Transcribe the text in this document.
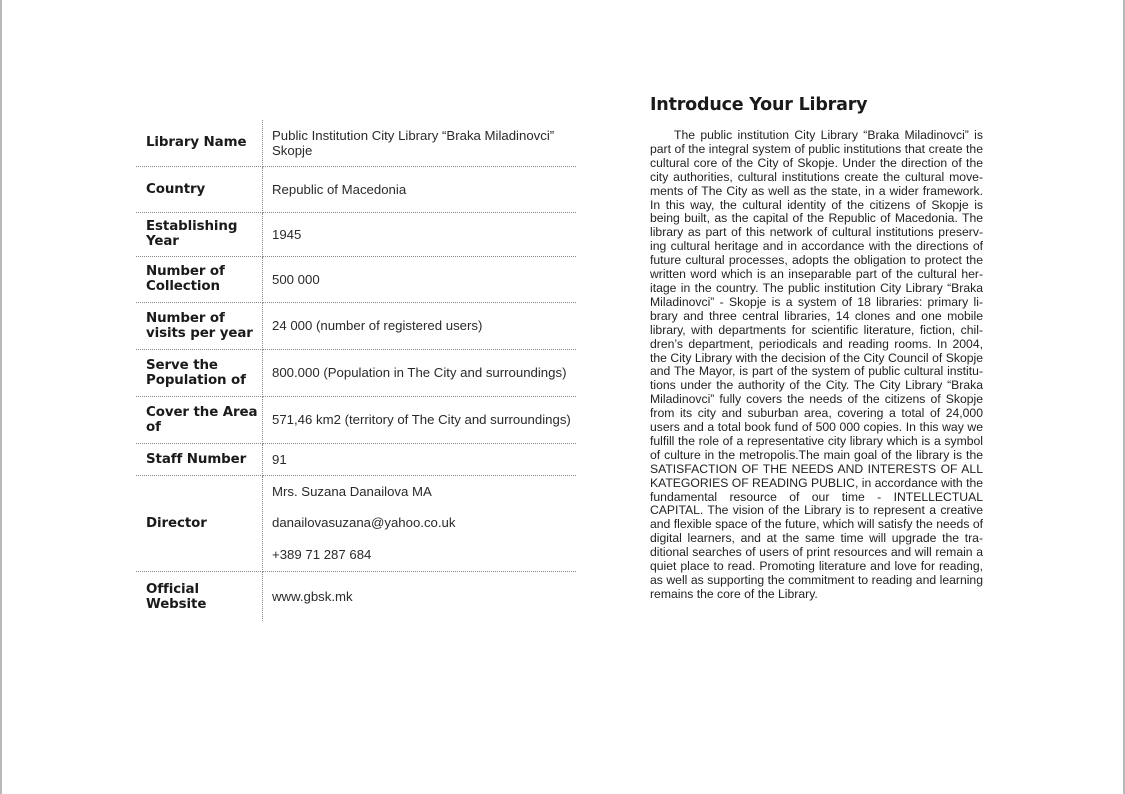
Library Name	Public Institution City Library “Braka Miladinovci” Skopje

Country	Republic of Macedonia
Establishing Year	1945
Number of Collection	500 000
Number of visits per year	24 000 (number of registered users)
Serve the Population of	800.000 (Population in The City and surroundings)
Cover the Area of	571,46 km2 (territory of The City and surroundings)
Staff Number	91
Director	Mrs. Suzana Danailova MA
danailovasuzana@yahoo.co.uk
+389 71 287 684

Official Website	www.gbsk.mk
Introduce Your Library

The public institution City Library “Braka Miladinovci” is part of the integral system of public institutions that create the cultural core of the City of Skopje. Under the direction of the city authorities, cultural institutions create the cultural movements of The City as well as the state, in a wider framework. In this way, the cultural identity of the citizens of Skopje is being built, as the capital of the Republic of Macedonia. The library as part of this network of cultural institutions preserving cultural heritage and in accordance with the directions of future cultural processes, adopts the obligation to protect the written word which is an inseparable part of the cultural heritage in the country. The public institution City Library “Braka Miladinovci” - Skopje is a system of 18 libraries: primary library and three central libraries, 14 clones and one mobile library, with departments for scientific literature, fiction, children’s department, periodicals and reading rooms. In 2004, the City Library with the decision of the City Council of Skopje and The Mayor, is part of the system of public cultural institutions under the authority of the City. The City Library “Braka Miladinovci” fully covers the needs of the citizens of Skopje from its city and suburban area, covering a total of 24,000 users and a total book fund of 500 000 copies. In this way we fulfill the role of a representative city library which is a symbol of culture in the metropolis.The main goal of the library is the SATISFACTION OF THE NEEDS AND INTERESTS OF ALL KATEGORIES OF READING PUBLIC, in accordance with the fundamental resource of our time - INTELLECTUAL CAPITAL. The vision of the Library is to represent a creative and flexible space of the future, which will satisfy the needs of digital learners, and at the same time will upgrade the traditional searches of users of print resources and will remain a quiet place to read. Promoting literature and love for reading, as well as supporting the commitment to reading and learning remains the core of the Library.
